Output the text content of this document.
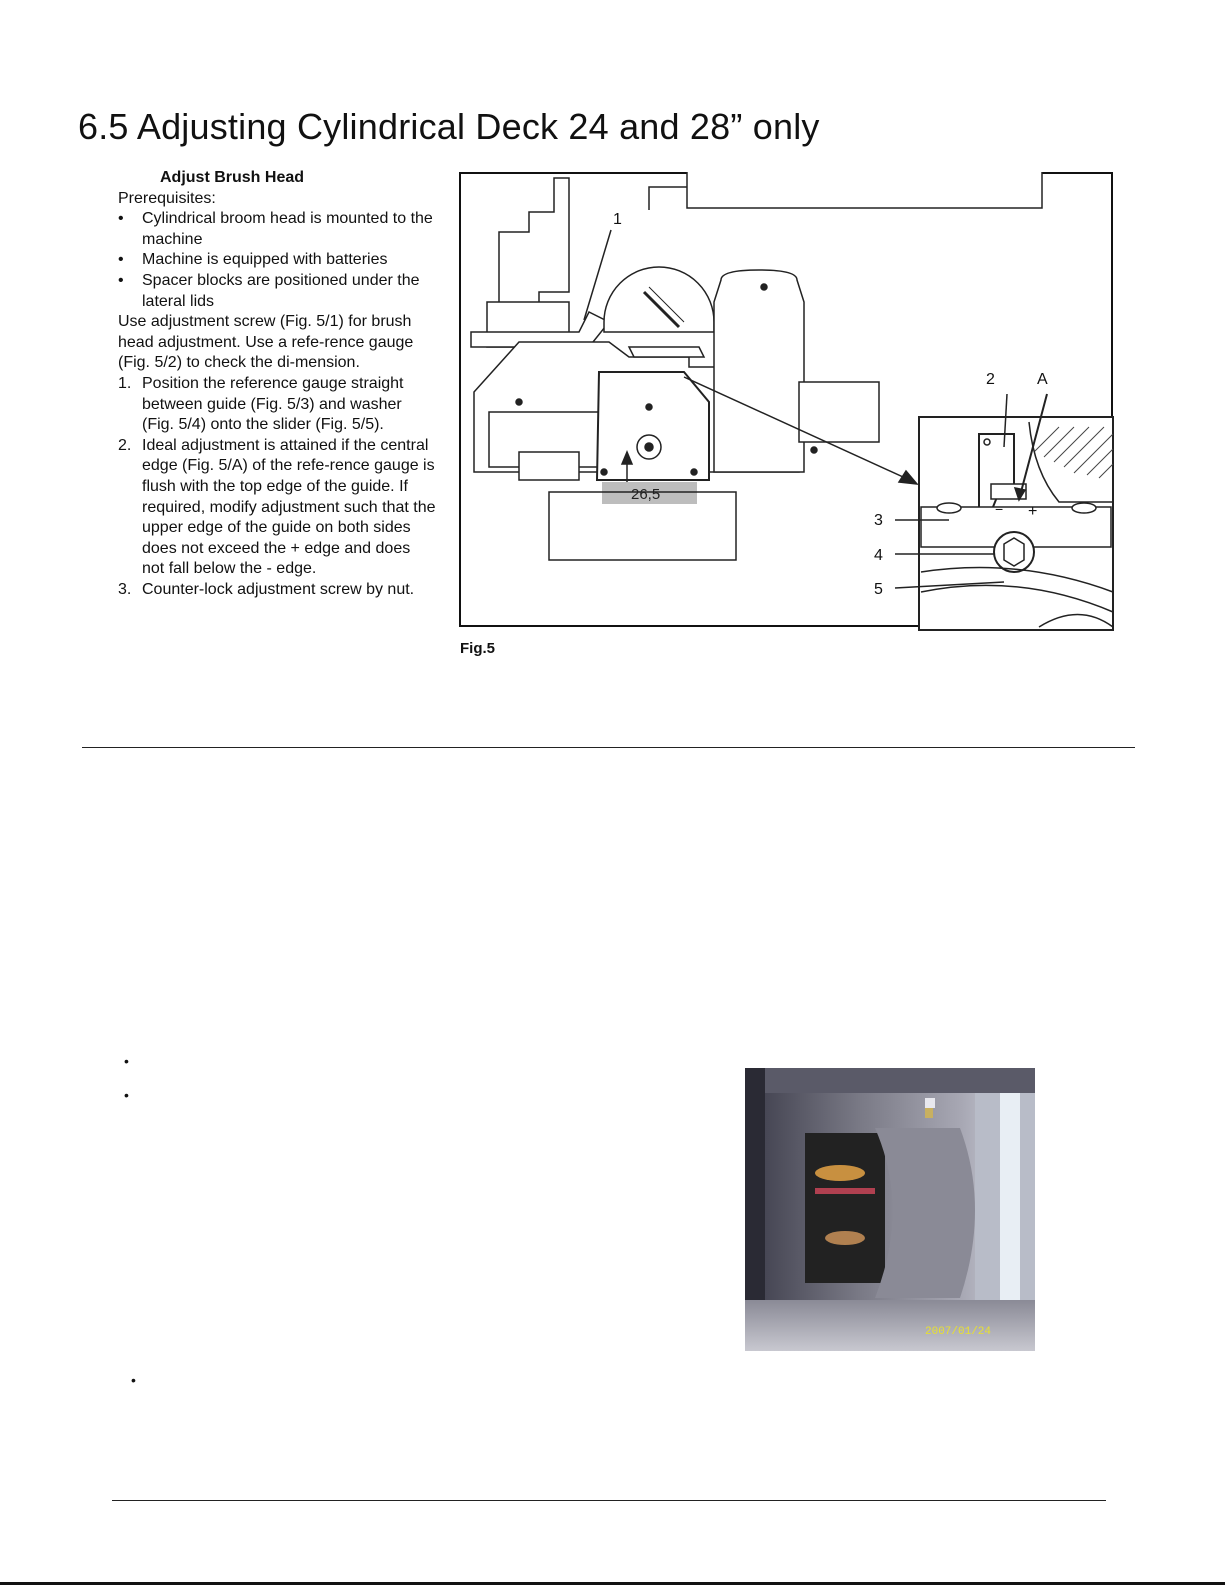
6.5 Adjusting Cylindrical Deck 24 and 28” only
Adjust Brush Head
Prerequisites:
• Cylindrical broom head is mounted to the machine
• Machine is equipped with batteries
• Spacer blocks are positioned under the lateral lids
Use adjustment screw (Fig. 5/1) for brush head adjustment. Use a refe-rence gauge (Fig. 5/2) to check the di-mension.
1. Position the reference gauge straight between guide (Fig. 5/3) and washer (Fig. 5/4) onto the slider (Fig. 5/5).
2. Ideal adjustment is attained if the central edge (Fig. 5/A) of the refe-rence gauge is flush with the top edge of the guide. If required, modify adjustment such that the upper edge of the guide on both sides does not exceed the + edge and does not fall below the - edge.
3. Counter-lock adjustment screw by nut.
1
2	A
3
4
5
26,5
− +
Fig.5
•
•
2007/01/24
•
